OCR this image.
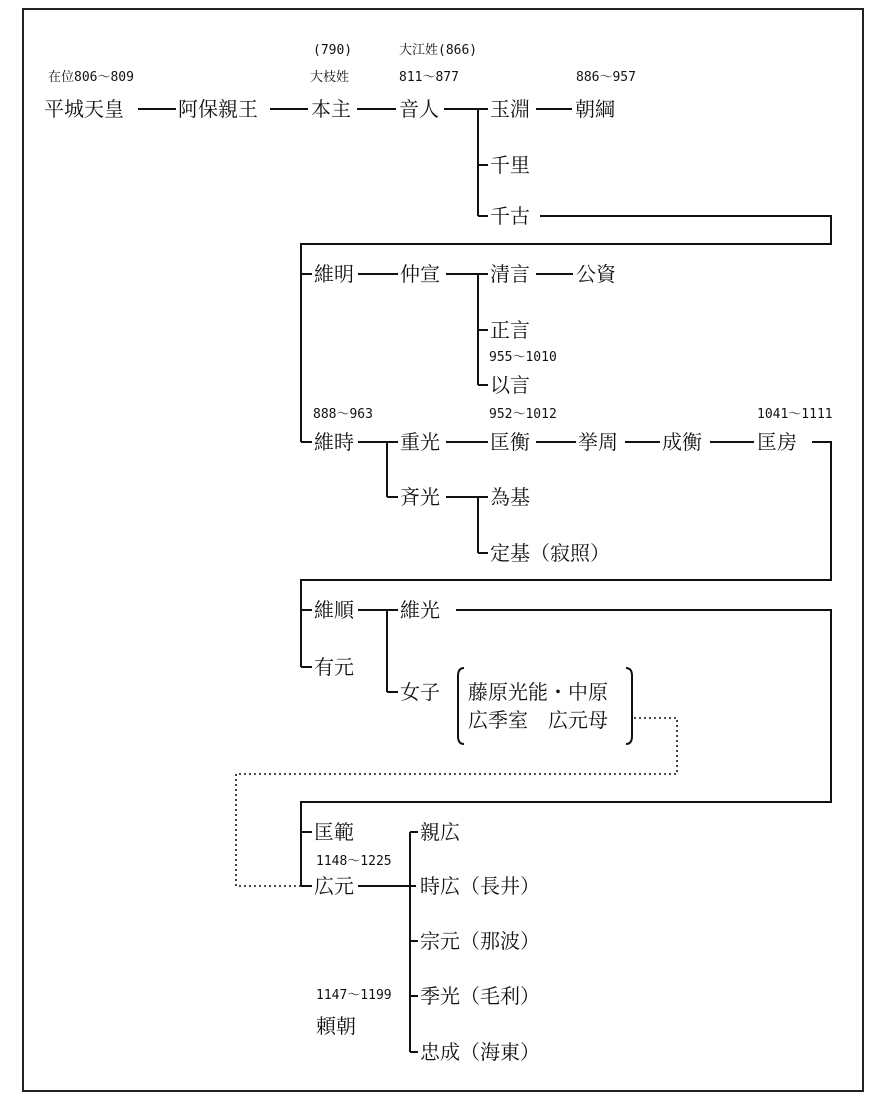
在位806～809
(790)
大枝姓
大江姓(866)
811～877	886～957
955～1010
888～963	952～1012	1041～1111
1148～1225
1147～1199
平城天皇	阿保親王	本主 音人	玉淵 朝綱
千里
千古
維明 仲宣	清言 公資
正言
以言
維時 重光	匡衡 挙周 成衡	匡房
斉光	為基
定基（寂照）
維順 維光
有元
女子 藤原光能・中原
広季室　広元母
匡範
広元
親広
時広（長井）
宗元（那波）
季光（毛利）
忠成（海東）
頼朝
